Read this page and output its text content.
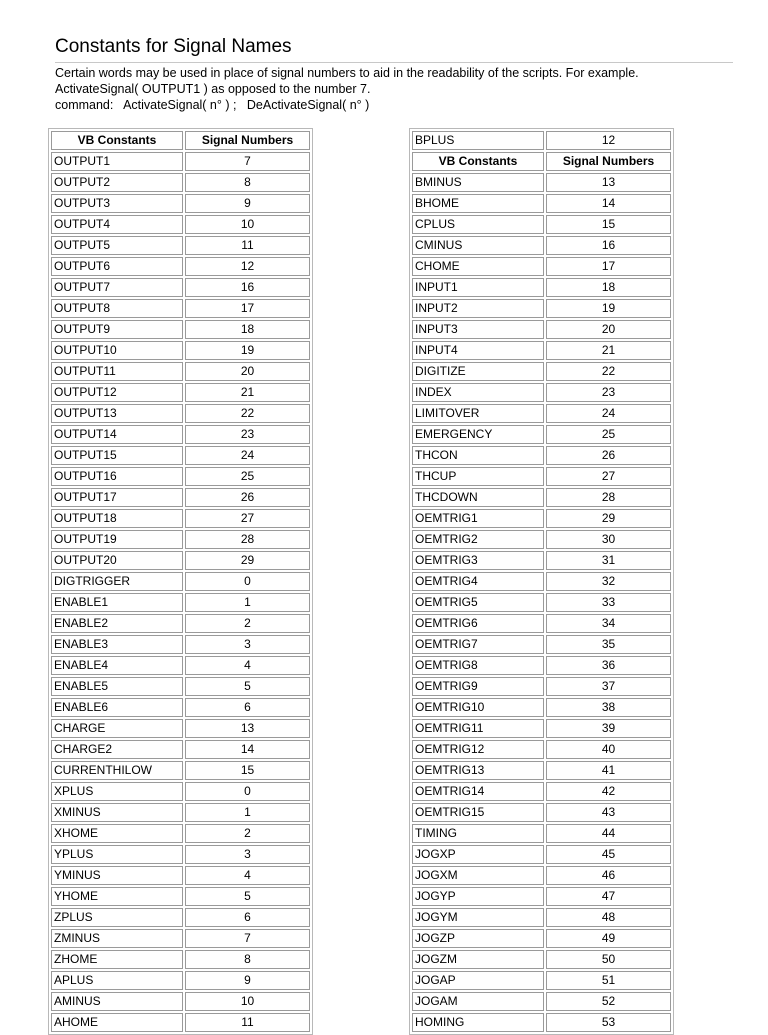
Constants for Signal Names
Certain words may be used in place of signal numbers to aid in the readability of the scripts. For example.
ActivateSignal( OUTPUT1 ) as opposed to the number 7.
command:   ActivateSignal( n° ) ;   DeActivateSignal( n° )
VB Constants	Signal Numbers
OUTPUT1	7
OUTPUT2	8
OUTPUT3	9
OUTPUT4	10
OUTPUT5	11
OUTPUT6	12
OUTPUT7	16
OUTPUT8	17
OUTPUT9	18
OUTPUT10	19
OUTPUT11	20
OUTPUT12	21
OUTPUT13	22
OUTPUT14	23
OUTPUT15	24
OUTPUT16	25
OUTPUT17	26
OUTPUT18	27
OUTPUT19	28
OUTPUT20	29
DIGTRIGGER	0
ENABLE1	1
ENABLE2	2
ENABLE3	3
ENABLE4	4
ENABLE5	5
ENABLE6	6
CHARGE	13
CHARGE2	14
CURRENTHILOW	15
XPLUS	0
XMINUS	1
XHOME	2
YPLUS	3
YMINUS	4
YHOME	5
ZPLUS	6
ZMINUS	7
ZHOME	8
APLUS	9
AMINUS	10
AHOME	11
BPLUS	12
VB Constants	Signal Numbers
BMINUS	13
BHOME	14
CPLUS	15
CMINUS	16
CHOME	17
INPUT1	18
INPUT2	19
INPUT3	20
INPUT4	21
DIGITIZE	22
INDEX	23
LIMITOVER	24
EMERGENCY	25
THCON	26
THCUP	27
THCDOWN	28
OEMTRIG1	29
OEMTRIG2	30
OEMTRIG3	31
OEMTRIG4	32
OEMTRIG5	33
OEMTRIG6	34
OEMTRIG7	35
OEMTRIG8	36
OEMTRIG9	37
OEMTRIG10	38
OEMTRIG11	39
OEMTRIG12	40
OEMTRIG13	41
OEMTRIG14	42
OEMTRIG15	43
TIMING	44
JOGXP	45
JOGXM	46
JOGYP	47
JOGYM	48
JOGZP	49
JOGZM	50
JOGAP	51
JOGAM	52
HOMING	53
